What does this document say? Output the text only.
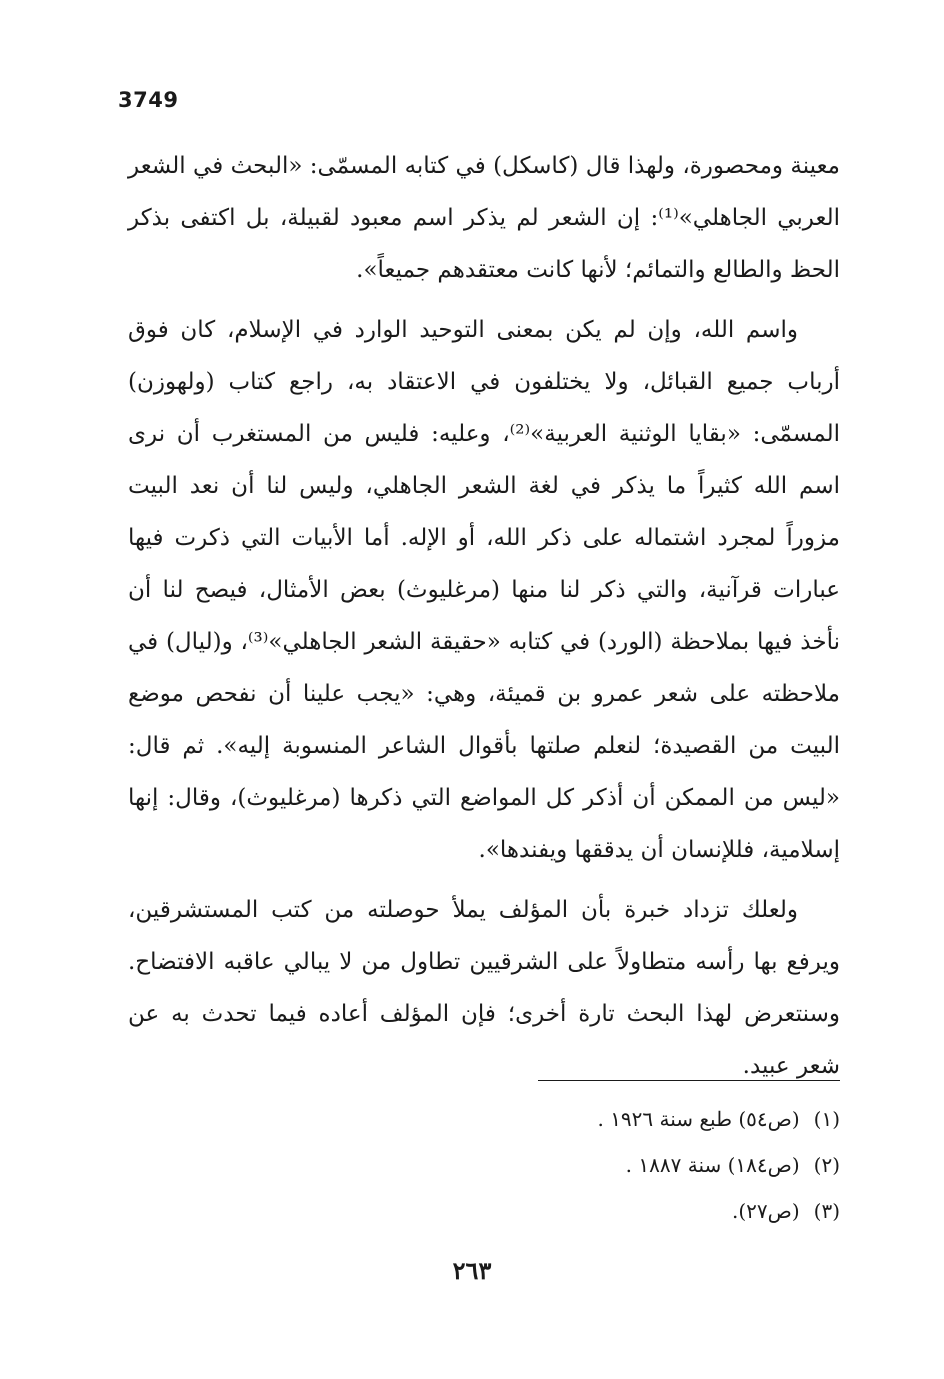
3749

معينة ومحصورة، ولهذا قال (كاسكل) في كتابه المسمّى: «البحث في الشعر العربي الجاهلي»⁽¹⁾: إن الشعر لم يذكر اسم معبود لقبيلة، بل اكتفى بذكر الحظ والطالع والتمائم؛ لأنها كانت معتقدهم جميعاً».

واسم الله، وإن لم يكن بمعنى التوحيد الوارد في الإسلام، كان فوق أرباب جميع القبائل، ولا يختلفون في الاعتقاد به، راجع كتاب (ولهوزن) المسمّى: «بقايا الوثنية العربية»⁽²⁾، وعليه: فليس من المستغرب أن نرى اسم الله كثيراً ما يذكر في لغة الشعر الجاهلي، وليس لنا أن نعد البيت مزوراً لمجرد اشتماله على ذكر الله، أو الإله. أما الأبيات التي ذكرت فيها عبارات قرآنية، والتي ذكر لنا منها (مرغليوث) بعض الأمثال، فيصح لنا أن نأخذ فيها بملاحظة (الورد) في كتابه «حقيقة الشعر الجاهلي»⁽³⁾، و(ليال) في ملاحظته على شعر عمرو بن قميئة، وهي: «يجب علينا أن نفحص موضع البيت من القصيدة؛ لنعلم صلتها بأقوال الشاعر المنسوبة إليه». ثم قال: «ليس من الممكن أن أذكر كل المواضع التي ذكرها (مرغليوث)، وقال: إنها إسلامية، فللإنسان أن يدققها ويفندها».

ولعلك تزداد خبرة بأن المؤلف يملأ حوصلته من كتب المستشرقين، ويرفع بها رأسه متطاولاً على الشرقيين تطاول من لا يبالي عاقبه الافتضاح. وسنتعرض لهذا البحث تارة أخرى؛ فإن المؤلف أعاده فيما تحدث به عن شعر عبيد.

(١)(ص٥٤) طبع سنة ١٩٢٦ .
(٢)(ص١٨٤) سنة ١٨٨٧ .
(٣)(ص٢٧).
٢٦٣
